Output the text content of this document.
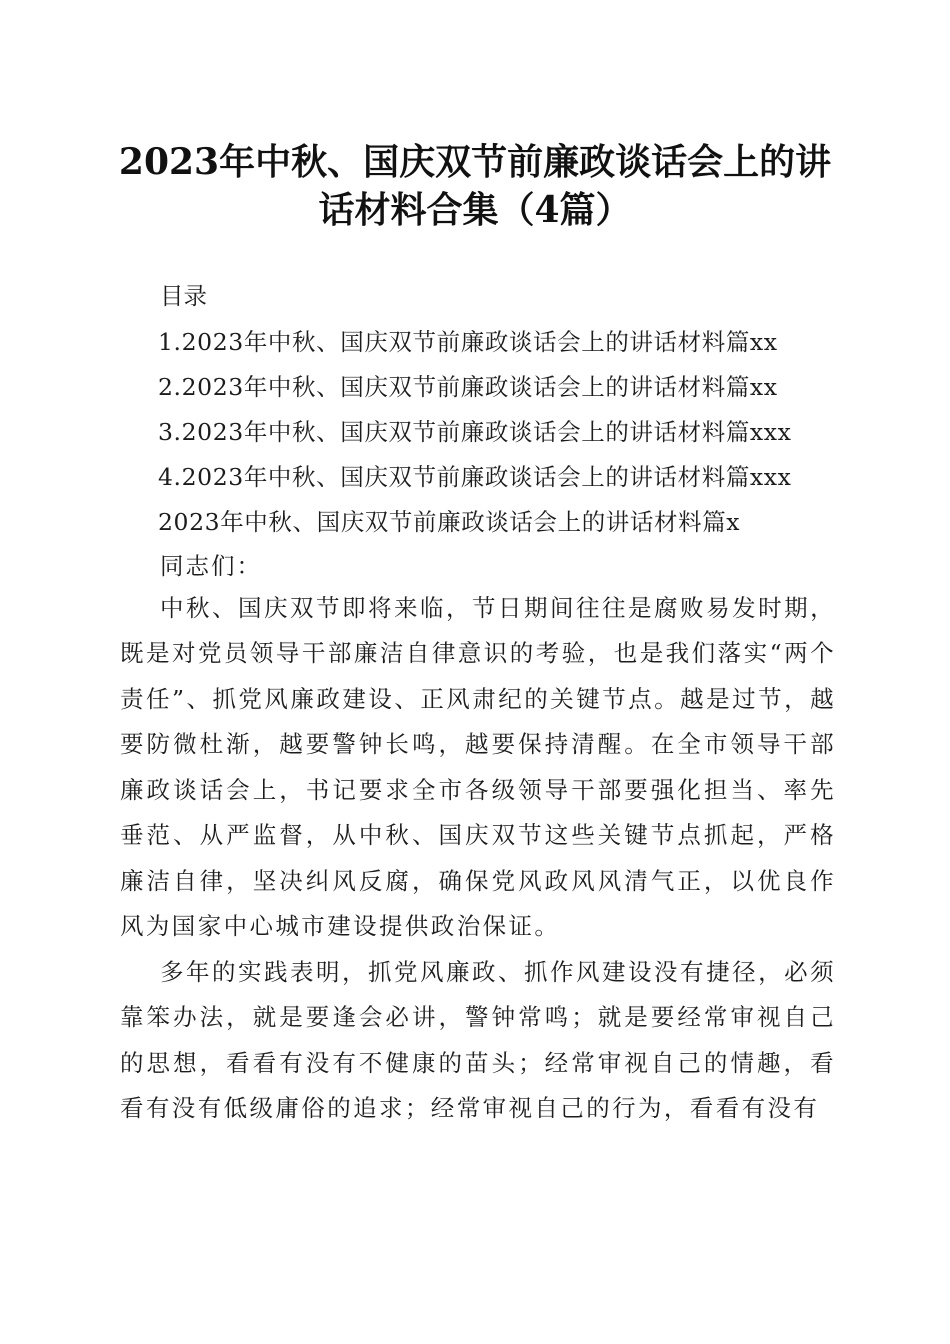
2023年中秋、国庆双节前廉政谈话会上的讲
话材料合集（4篇）
目录
1.2023年中秋、国庆双节前廉政谈话会上的讲话材料篇xx
2.2023年中秋、国庆双节前廉政谈话会上的讲话材料篇xx
3.2023年中秋、国庆双节前廉政谈话会上的讲话材料篇xxx
4.2023年中秋、国庆双节前廉政谈话会上的讲话材料篇xxx
2023年中秋、国庆双节前廉政谈话会上的讲话材料篇x
同志们：

中秋、国庆双节即将来临，节日期间往往是腐败易发时期，既是对党员领导干部廉洁自律意识的考验，也是我们落实“两个责任”、抓党风廉政建设、正风肃纪的关键节点。越是过节，越要防微杜渐，越要警钟长鸣，越要保持清醒。在全市领导干部廉政谈话会上，书记要求全市各级领导干部要强化担当、率先垂范、从严监督，从中秋、国庆双节这些关键节点抓起，严格廉洁自律，坚决纠风反腐，确保党风政风风清气正，以优良作风为国家中心城市建设提供政治保证。

多年的实践表明，抓党风廉政、抓作风建设没有捷径，必须靠笨办法，就是要逢会必讲，警钟常鸣；就是要经常审视自己的思想，看看有没有不健康的苗头；经常审视自己的情趣，看看有没有低级庸俗的追求；经常审视自己的行为，看看有没有
